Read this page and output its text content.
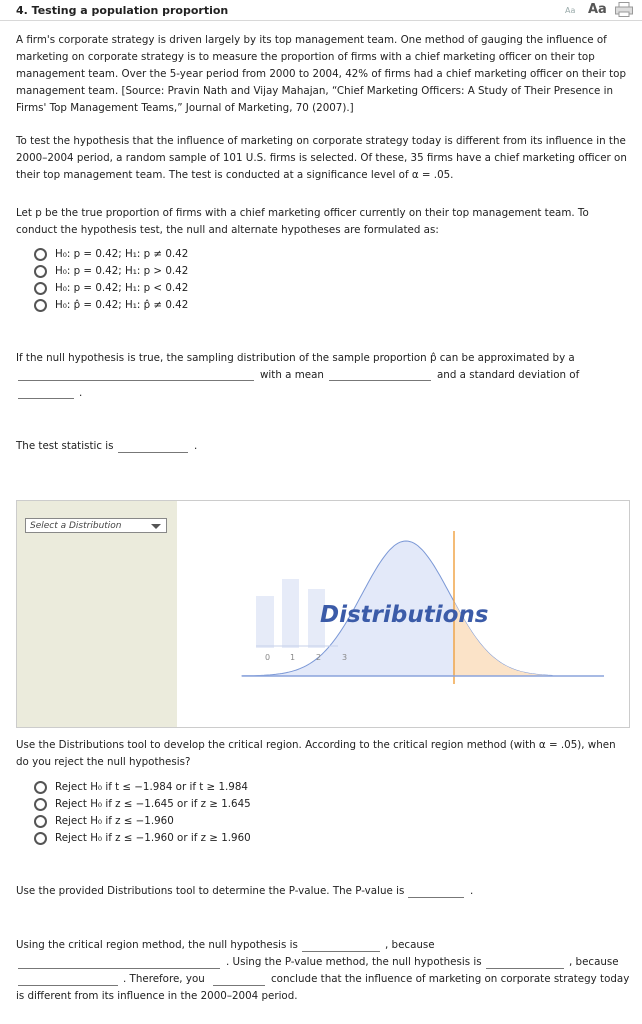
4. Testing a population proportion	Aa Aa

A firm's corporate strategy is driven largely by its top management team. One method of gauging the influence of marketing on corporate strategy is to measure the proportion of firms with a chief marketing officer on their top management team. Over the 5-year period from 2000 to 2004, 42% of firms had a chief marketing officer on their top management team. [Source: Pravin Nath and Vijay Mahajan, “Chief Marketing Officers: A Study of Their Presence in Firms' Top Management Teams,” Journal of Marketing, 70 (2007).]

To test the hypothesis that the influence of marketing on corporate strategy today is different from its influence in the 2000–2004 period, a random sample of 101 U.S. firms is selected. Of these, 35 firms have a chief marketing officer on their top management team. The test is conducted at a significance level of α = .05.

Let p be the true proportion of firms with a chief marketing officer currently on their top management team. To conduct the hypothesis test, the null and alternate hypotheses are formulated as:

H₀: p = 0.42; H₁: p ≠ 0.42
H₀: p = 0.42; H₁: p > 0.42
H₀: p = 0.42; H₁: p < 0.42
H₀: p̂ = 0.42; H₁: p̂ ≠ 0.42
If the null hypothesis is true, the sampling distribution of the sample proportion p̂ can be approximated by a
with a mean	and a standard deviation of
.
The test statistic is	.
Select a Distribution
Distributions
0 1	2	3

Use the Distributions tool to develop the critical region. According to the critical region method (with α = .05), when do you reject the null hypothesis?

Reject H₀ if t ≤ −1.984 or if t ≥ 1.984
Reject H₀ if z ≤ −1.645 or if z ≥ 1.645
Reject H₀ if z ≤ −1.960
Reject H₀ if z ≤ −1.960 or if z ≥ 1.960
Use the provided Distributions tool to determine the P-value. The P-value is	.
Using the critical region method, the null hypothesis is	, because
. Using the P-value method, the null hypothesis is	, because
. Therefore, you	conclude that the influence of marketing on corporate strategy today
is different from its influence in the 2000–2004 period.
